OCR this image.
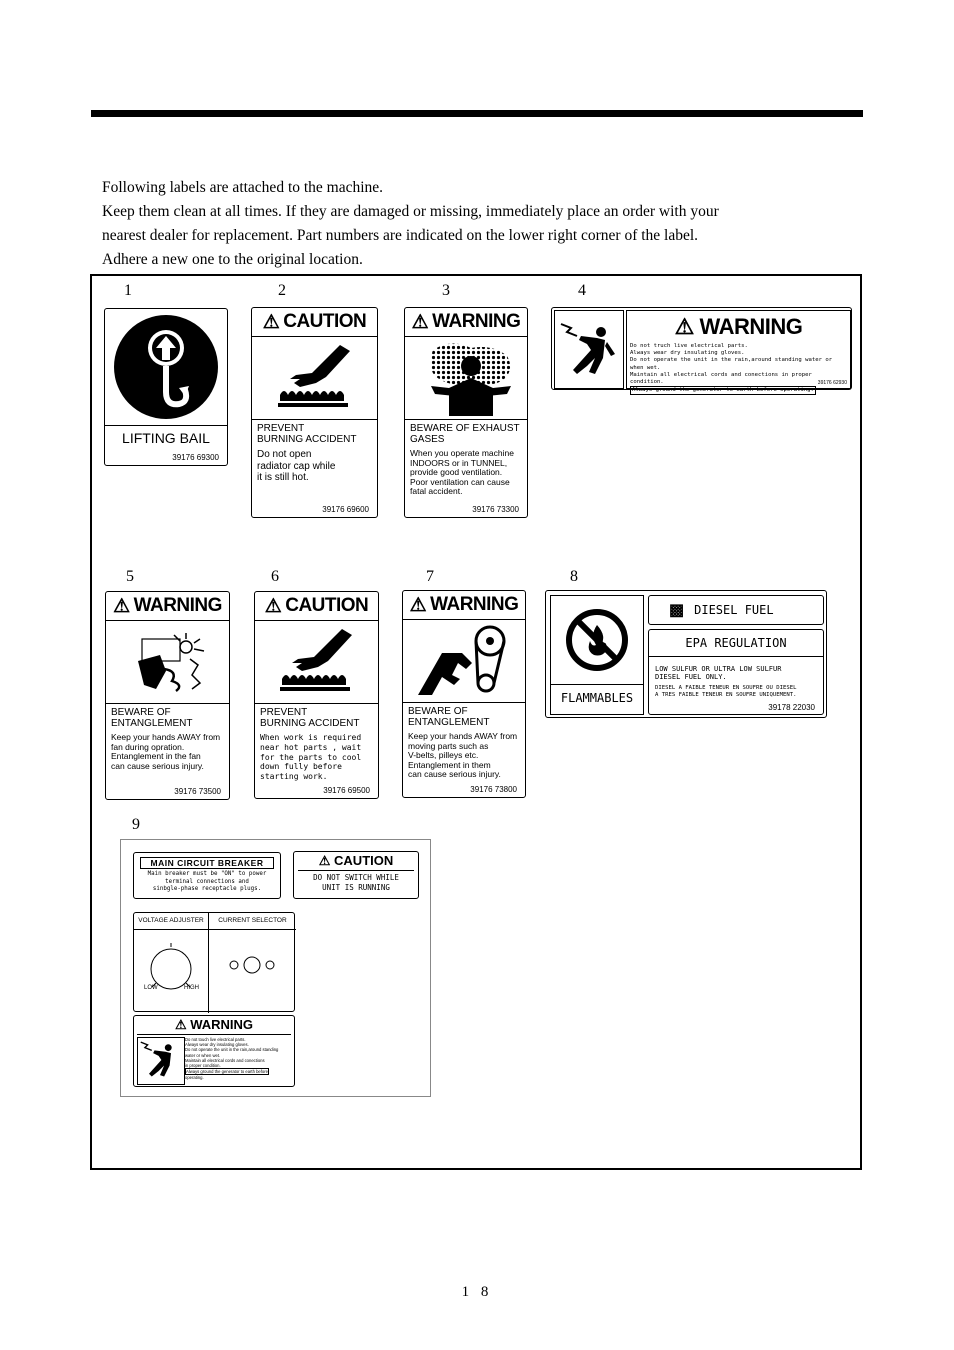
Following labels are attached to the machine.

Keep them clean at all times. If they are damaged or missing, immediately place an order with your

nearest dealer for replacement. Part numbers are indicated on the lower right corner of the label.

Adhere a new one to the original location.

1	2	3	4
5	6	7	8
9
LIFTING BAIL
39176 69300
⚠ CAUTION
PREVENT
BURNING ACCIDENT
Do not open
radiator cap while
it is still hot.
39176 69600
⚠ WARNING
BEWARE OF EXHAUST
GASES
When you operate machine
INDOORS or in TUNNEL,
provide good ventilation.
Poor ventilation can cause
fatal accident.
39176 73300
⚠ WARNING
Do not truch live electrical parts.
Always wear dry insulating gloves.
Do not operate the unit in the rain,around standing water or when wet.
Maintain all electrical cords and conections in proper condition.
Always ground the generator to earth before operating.
39176 62930
⚠ WARNING
BEWARE OF
ENTANGLEMENT
Keep your hands AWAY from
fan during opration.
Entanglement in the fan
can cause serious injury.
39176 73500
⚠ CAUTION
PREVENT
BURNING ACCIDENT
When work is required
near hot parts , wait
for the parts to cool
down fully before
starting work.
39176 69500
⚠ WARNING
BEWARE OF
ENTANGLEMENT
Keep your hands AWAY from
moving parts such as
V-belts, pilleys etc.
Entanglement in them
can cause serious injury.
39176 73800
FLAMMABLES
▩ DIESEL FUEL
EPA REGULATION
LOW SULFUR OR ULTRA LOW SULFUR
DIESEL FUEL ONLY.
DIESEL A FAIBLE TENEUR EN SOUFRE OU DIESEL
A TRES FAIBLE TENEUR EN SOUFRE UNIQUEMENT.
39178 22030
MAIN CIRCUIT BREAKER
Main breaker must be "ON" to power
terminal connections and
sinbgle-phase receptacle plugs.
⚠ CAUTION
DO NOT SWITCH WHILE
UNIT IS RUNNING
VOLTAGE ADJUSTER	CURRENT SELECTOR
LOW	HIGH
⚠ WARNING
Do not touch live electrical parts.
Always wear dry insulating gloves.
Do not operate the unit in the rain,around standing
water or when wet.
Maintain all electrical cords and conections
in proper condition.
Always ground the generator to earth before
operating.
1 8
